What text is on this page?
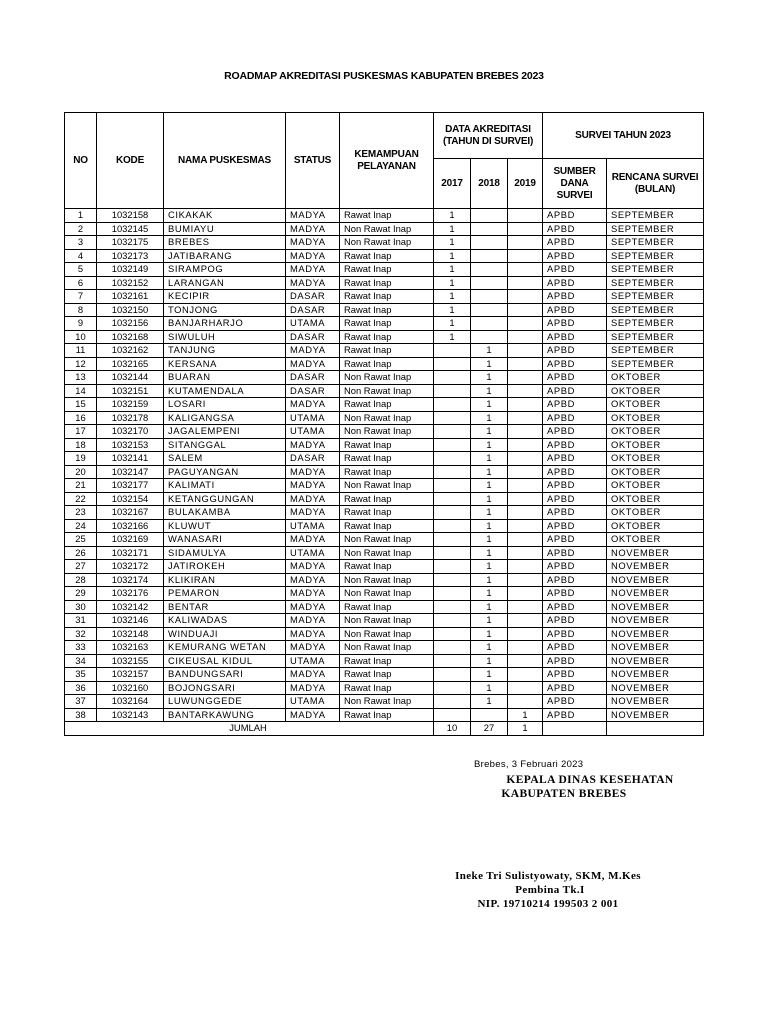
ROADMAP AKREDITASI PUSKESMAS KABUPATEN BREBES 2023
NO	KODE	NAMA PUSKESMAS	STATUS	KEMAMPUAN PELAYANAN	DATA AKREDITASI (TAHUN DI SURVEI)			SURVEI TAHUN 2023	
					2017	2018	2019	SUMBER DANA SURVEI	RENCANA SURVEI (BULAN)
1	1032158	CIKAKAK	MADYA	Rawat Inap	1			APBD	SEPTEMBER
2	1032145	BUMIAYU	MADYA	Non Rawat Inap	1			APBD	SEPTEMBER
3	1032175	BREBES	MADYA	Non Rawat Inap	1			APBD	SEPTEMBER
4	1032173	JATIBARANG	MADYA	Rawat Inap	1			APBD	SEPTEMBER
5	1032149	SIRAMPOG	MADYA	Rawat Inap	1			APBD	SEPTEMBER
6	1032152	LARANGAN	MADYA	Rawat Inap	1			APBD	SEPTEMBER
7	1032161	KECIPIR	DASAR	Rawat Inap	1			APBD	SEPTEMBER
8	1032150	TONJONG	DASAR	Rawat Inap	1			APBD	SEPTEMBER
9	1032156	BANJARHARJO	UTAMA	Rawat Inap	1			APBD	SEPTEMBER
10	1032168	SIWULUH	DASAR	Rawat Inap	1			APBD	SEPTEMBER
11	1032162	TANJUNG	MADYA	Rawat Inap		1		APBD	SEPTEMBER
12	1032165	KERSANA	MADYA	Rawat Inap		1		APBD	SEPTEMBER
13	1032144	BUARAN	DASAR	Non Rawat Inap		1		APBD	OKTOBER
14	1032151	KUTAMENDALA	DASAR	Non Rawat Inap		1		APBD	OKTOBER
15	1032159	LOSARI	MADYA	Rawat Inap		1		APBD	OKTOBER
16	1032178	KALIGANGSA	UTAMA	Non Rawat Inap		1		APBD	OKTOBER
17	1032170	JAGALEMPENI	UTAMA	Non Rawat Inap		1		APBD	OKTOBER
18	1032153	SITANGGAL	MADYA	Rawat Inap		1		APBD	OKTOBER
19	1032141	SALEM	DASAR	Rawat Inap		1		APBD	OKTOBER
20	1032147	PAGUYANGAN	MADYA	Rawat Inap		1		APBD	OKTOBER
21	1032177	KALIMATI	MADYA	Non Rawat Inap		1		APBD	OKTOBER
22	1032154	KETANGGUNGAN	MADYA	Rawat Inap		1		APBD	OKTOBER
23	1032167	BULAKAMBA	MADYA	Rawat Inap		1		APBD	OKTOBER
24	1032166	KLUWUT	UTAMA	Rawat Inap		1		APBD	OKTOBER
25	1032169	WANASARI	MADYA	Non Rawat Inap		1		APBD	OKTOBER
26	1032171	SIDAMULYA	UTAMA	Non Rawat Inap		1		APBD	NOVEMBER
27	1032172	JATIROKEH	MADYA	Rawat Inap		1		APBD	NOVEMBER
28	1032174	KLIKIRAN	MADYA	Non Rawat Inap		1		APBD	NOVEMBER
29	1032176	PEMARON	MADYA	Non Rawat Inap		1		APBD	NOVEMBER
30	1032142	BENTAR	MADYA	Rawat Inap		1		APBD	NOVEMBER
31	1032146	KALIWADAS	MADYA	Non Rawat Inap		1		APBD	NOVEMBER
32	1032148	WINDUAJI	MADYA	Non Rawat Inap		1		APBD	NOVEMBER
33	1032163	KEMURANG WETAN	MADYA	Non Rawat Inap		1		APBD	NOVEMBER
34	1032155	CIKEUSAL KIDUL	UTAMA	Rawat Inap		1		APBD	NOVEMBER
35	1032157	BANDUNGSARI	MADYA	Rawat Inap		1		APBD	NOVEMBER
36	1032160	BOJONGSARI	MADYA	Rawat Inap		1		APBD	NOVEMBER
37	1032164	LUWUNGGEDE	UTAMA	Non Rawat Inap		1		APBD	NOVEMBER
38	1032143	BANTARKAWUNG	MADYA	Rawat Inap			1	APBD	NOVEMBER
JUMLAH					10	27	1		
Brebes, 3 Februari 2023
KEPALA DINAS KESEHATAN
KABUPATEN BREBES
Ineke Tri Sulistyowaty, SKM, M.Kes
Pembina Tk.I
NIP. 19710214 199503 2 001
